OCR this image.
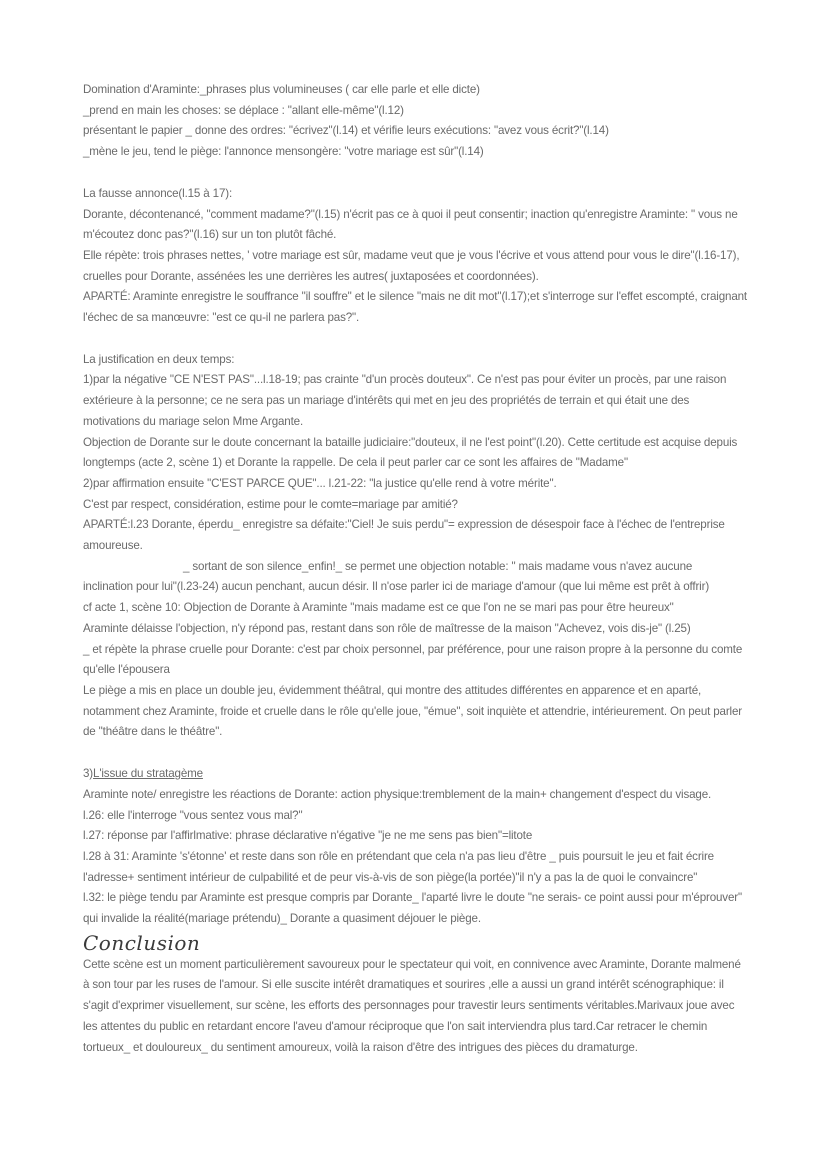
Domination d'Araminte:_phrases plus volumineuses ( car elle parle et elle dicte)
_prend en main les choses: se déplace : "allant elle-même"(l.12)
présentant le papier _ donne des ordres: "écrivez"(l.14) et vérifie leurs exécutions: "avez vous écrit?"(l.14)
_mène le jeu, tend le piège: l'annonce mensongère: "votre mariage est sûr"(l.14)
La fausse annonce(l.15 à 17):
Dorante, décontenancé, "comment madame?"(l.15) n'écrit pas ce à quoi il peut consentir; inaction qu'enregistre Araminte: " vous ne m'écoutez donc pas?"(l.16) sur un ton plutôt fâché.
Elle répète: trois phrases nettes, ' votre mariage est sûr, madame veut que je vous l'écrive et vous attend pour vous le dire"(l.16-17), cruelles pour Dorante, assénées les une derrières les autres( juxtaposées et coordonnées).
APARTÉ: Araminte enregistre le souffrance "il souffre" et le silence "mais ne dit mot"(l.17);et s'interroge sur l'effet escompté, craignant l'échec de sa manœuvre: "est ce qu-il ne parlera pas?".
La justification en deux temps:
1)par la négative "CE N'EST PAS"...l.18-19; pas crainte "d'un procès douteux". Ce n'est pas pour éviter un procès, par une raison extérieure à la personne; ce ne sera pas un mariage d'intérêts qui met en jeu des propriétés de terrain et qui était une des motivations du mariage selon Mme Argante.
Objection de Dorante sur le doute concernant la bataille judiciaire:"douteux, il ne l'est point"(l.20). Cette certitude est acquise depuis longtemps (acte 2, scène 1) et Dorante la rappelle. De cela il peut parler car ce sont les affaires de "Madame"
2)par affirmation ensuite "C'EST PARCE QUE"... l.21-22: "la justice qu'elle rend à votre mérite".
C'est par respect, considération, estime pour le comte=mariage par amitié?
APARTÉ:l.23 Dorante, éperdu_ enregistre sa défaite:"Ciel! Je suis perdu"= expression de désespoir face à l'échec de l'entreprise amoureuse.
_ sortant de son silence_enfin!_ se permet une objection notable: " mais madame vous n'avez aucune
inclination pour lui"(l.23-24) aucun penchant, aucun désir. Il n'ose parler ici de mariage d'amour (que lui même est prêt à offrir)
cf acte 1, scène 10: Objection de Dorante à Araminte "mais madame est ce que l'on ne se mari pas pour être heureux"
Araminte délaisse l'objection, n'y répond pas, restant dans son rôle de maîtresse de la maison "Achevez, vois dis-je" (l.25)
_ et répète la phrase cruelle pour Dorante: c'est par choix personnel, par préférence, pour une raison propre à la personne du comte qu'elle l'épousera
Le piège a mis en place un double jeu, évidemment théâtral, qui montre des attitudes différentes en apparence et en aparté, notamment chez Araminte, froide et cruelle dans le rôle qu'elle joue, "émue", soit inquiète et attendrie, intérieurement. On peut parler de "théâtre dans le théâtre".
3)L'issue du stratagème
Araminte note/ enregistre les réactions de Dorante: action physique:tremblement de la main+ changement d'espect du visage.
l.26: elle l'interroge "vous sentez vous mal?"
l.27: réponse par l'affirlmative: phrase déclarative n'égative "je ne me sens pas bien"=litote
l.28 à 31: Araminte 's'étonne' et reste dans son rôle en prétendant que cela n'a pas lieu d'être _ puis poursuit le jeu et fait écrire l'adresse+ sentiment intérieur de culpabilité et de peur vis-à-vis de son piège(la portée)"il n'y a pas la de quoi le convaincre"
l.32: le piège tendu par Araminte est presque compris par Dorante_ l'aparté livre le doute "ne serais- ce point aussi pour m'éprouver" qui invalide la réalité(mariage prétendu)_ Dorante a quasiment déjouer le piège.
Conclusion
Cette scène est un moment particulièrement savoureux pour le spectateur qui voit, en connivence avec Araminte, Dorante malmené à son tour par les ruses de l'amour. Si elle suscite intérêt dramatiques et sourires ,elle a aussi un grand intérêt scénographique: il s'agit d'exprimer visuellement, sur scène, les efforts des personnages pour travestir leurs sentiments véritables.Marivaux joue avec les attentes du public en retardant encore l'aveu d'amour réciproque que l'on sait interviendra plus tard.Car retracer le chemin tortueux_ et douloureux_ du sentiment amoureux, voilà la raison d'être des intrigues des pièces du dramaturge.
